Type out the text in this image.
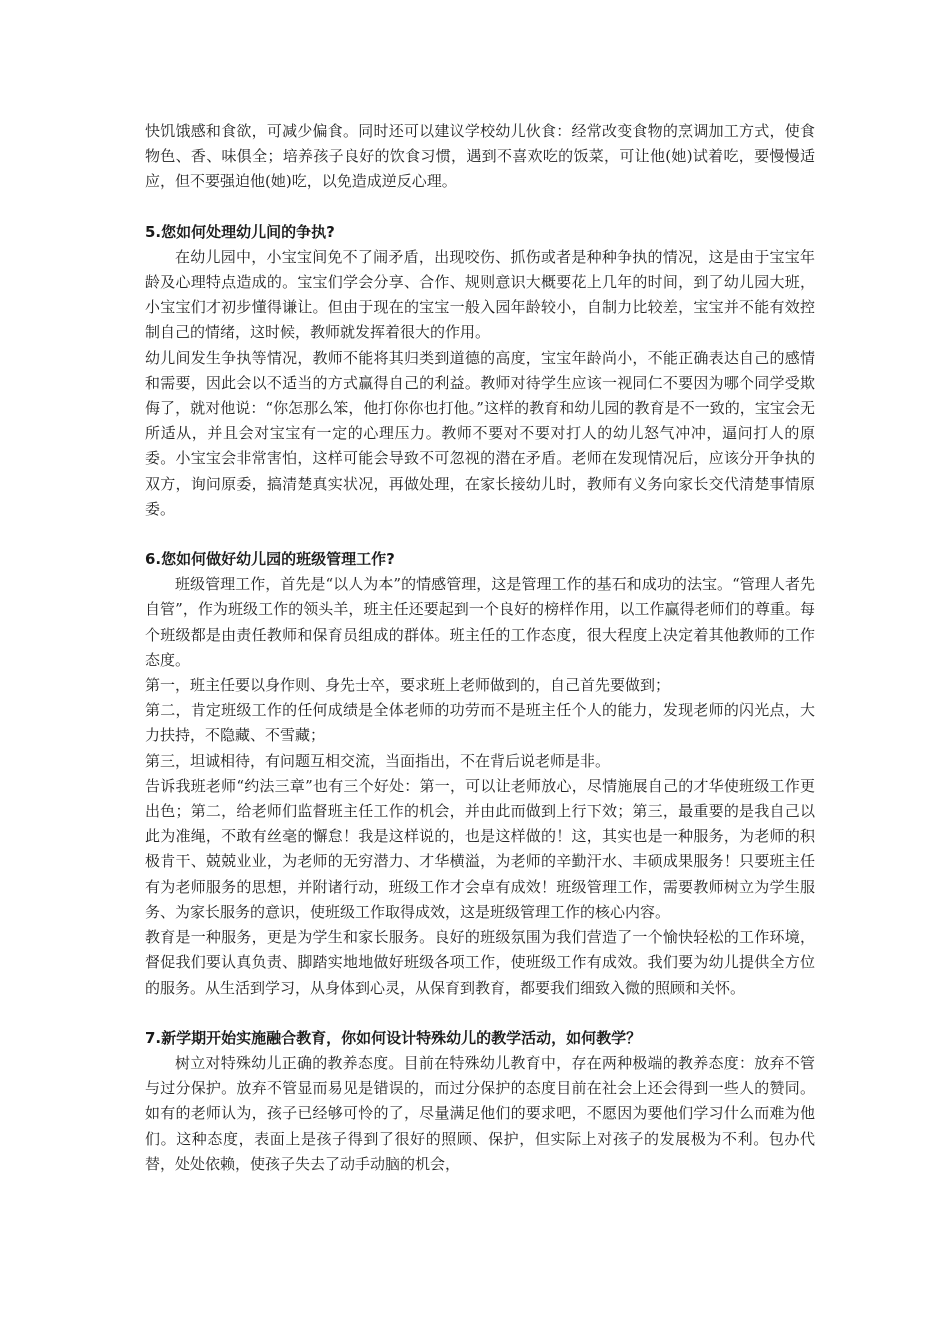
快饥饿感和食欲，可减少偏食。同时还可以建议学校幼儿伙食：经常改变食物的烹调加工方式，使食物色、香、味俱全；培养孩子良好的饮食习惯，遇到不喜欢吃的饭菜，可让他(她)试着吃，要慢慢适应，但不要强迫他(她)吃，以免造成逆反心理。

5.您如何处理幼儿间的争执?

在幼儿园中，小宝宝间免不了闹矛盾，出现咬伤、抓伤或者是种种争执的情况，这是由于宝宝年龄及心理特点造成的。宝宝们学会分享、合作、规则意识大概要花上几年的时间，到了幼儿园大班，小宝宝们才初步懂得谦让。但由于现在的宝宝一般入园年龄较小，自制力比较差，宝宝并不能有效控制自己的情绪，这时候，教师就发挥着很大的作用。

幼儿间发生争执等情况，教师不能将其归类到道德的高度，宝宝年龄尚小，不能正确表达自己的感情和需要，因此会以不适当的方式赢得自己的利益。教师对待学生应该一视同仁不要因为哪个同学受欺侮了，就对他说：“你怎那么笨，他打你你也打他。”这样的教育和幼儿园的教育是不一致的，宝宝会无所适从，并且会对宝宝有一定的心理压力。教师不要对不要对打人的幼儿怒气冲冲，逼问打人的原委。小宝宝会非常害怕，这样可能会导致不可忽视的潜在矛盾。老师在发现情况后，应该分开争执的双方，询问原委，搞清楚真实状况，再做处理，在家长接幼儿时，教师有义务向家长交代清楚事情原委。

6.您如何做好幼儿园的班级管理工作?

班级管理工作，首先是“以人为本”的情感管理，这是管理工作的基石和成功的法宝。“管理人者先自管”，作为班级工作的领头羊，班主任还要起到一个良好的榜样作用，以工作赢得老师们的尊重。每个班级都是由责任教师和保育员组成的群体。班主任的工作态度，很大程度上决定着其他教师的工作态度。

第一，班主任要以身作则、身先士卒，要求班上老师做到的，自己首先要做到；

第二，肯定班级工作的任何成绩是全体老师的功劳而不是班主任个人的能力，发现老师的闪光点，大力扶持，不隐藏、不雪藏；

第三，坦诚相待，有问题互相交流，当面指出，不在背后说老师是非。

告诉我班老师“约法三章”也有三个好处：第一，可以让老师放心，尽情施展自己的才华使班级工作更出色；第二，给老师们监督班主任工作的机会，并由此而做到上行下效；第三，最重要的是我自己以此为准绳，不敢有丝毫的懈怠！我是这样说的，也是这样做的！这，其实也是一种服务，为老师的积极肯干、兢兢业业，为老师的无穷潜力、才华横溢，为老师的辛勤汗水、丰硕成果服务！只要班主任有为老师服务的思想，并附诸行动，班级工作才会卓有成效！班级管理工作，需要教师树立为学生服务、为家长服务的意识，使班级工作取得成效，这是班级管理工作的核心内容。

教育是一种服务，更是为学生和家长服务。良好的班级氛围为我们营造了一个愉快轻松的工作环境，督促我们要认真负责、脚踏实地地做好班级各项工作，使班级工作有成效。我们要为幼儿提供全方位的服务。从生活到学习，从身体到心灵，从保育到教育，都要我们细致入微的照顾和关怀。

7.新学期开始实施融合教育，你如何设计特殊幼儿的教学活动，如何教学？

树立对特殊幼儿正确的教养态度。目前在特殊幼儿教育中，存在两种极端的教养态度：放弃不管与过分保护。放弃不管显而易见是错误的，而过分保护的态度目前在社会上还会得到一些人的赞同。如有的老师认为，孩子已经够可怜的了，尽量满足他们的要求吧，不愿因为要他们学习什么而难为他们。这种态度，表面上是孩子得到了很好的照顾、保护，但实际上对孩子的发展极为不利。包办代替，处处依赖，使孩子失去了动手动脑的机会，
